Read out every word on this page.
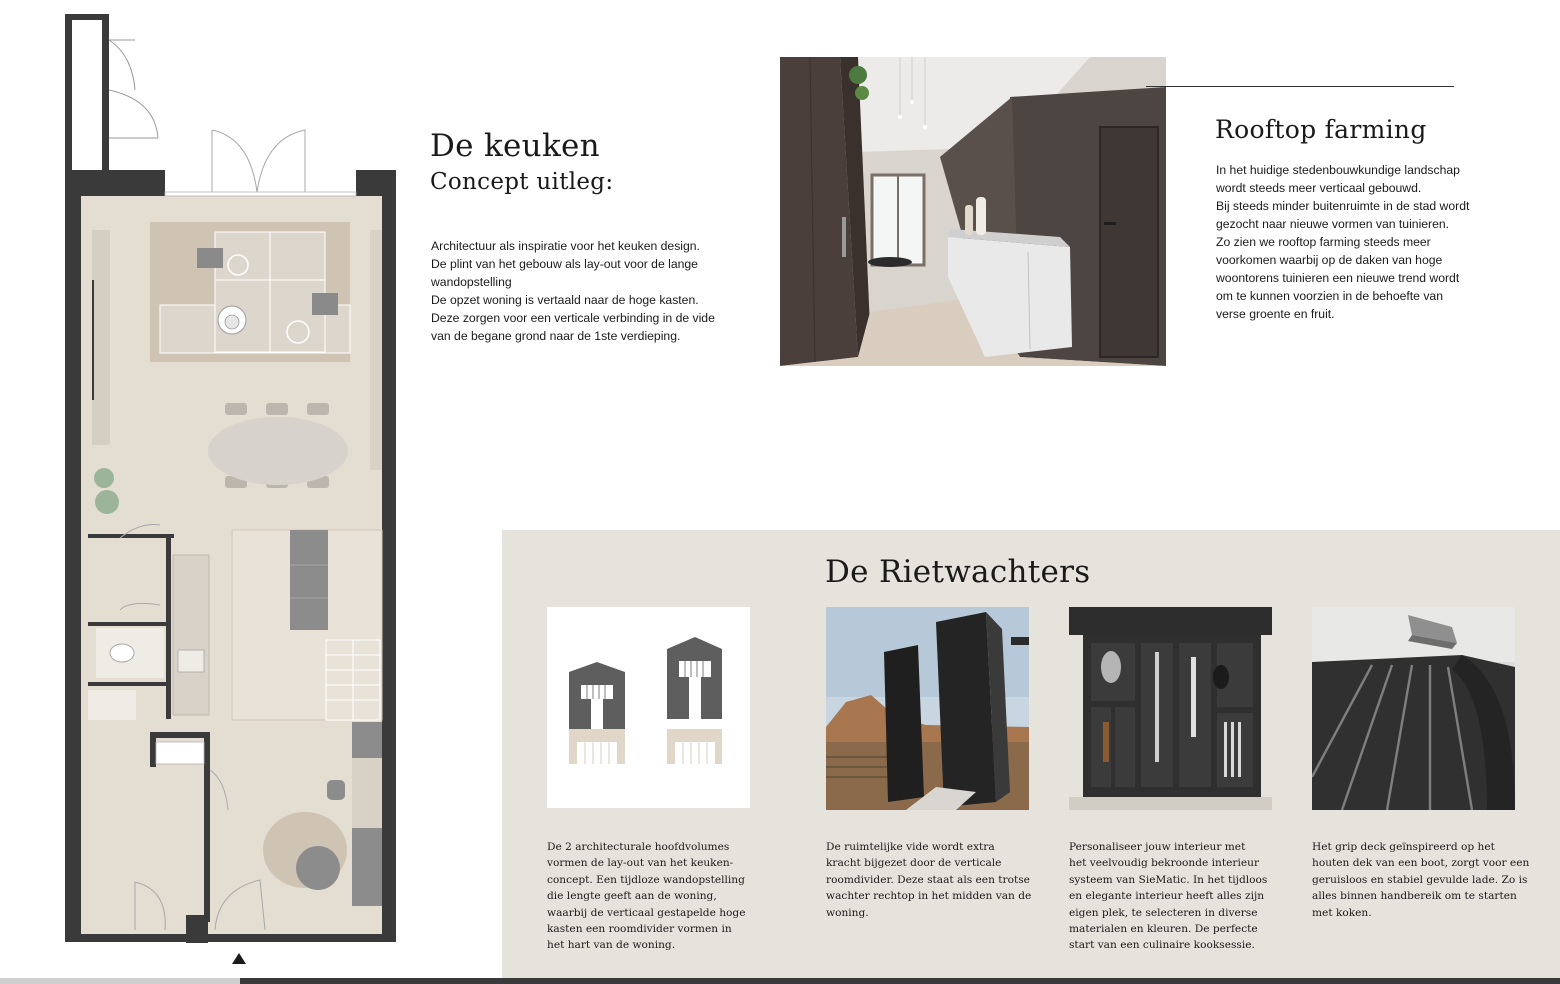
De keuken
Concept uitleg:
Architectuur als inspiratie voor het keuken design.
De plint van het gebouw als lay-out voor de lange
wandopstelling
De opzet woning is vertaald naar de hoge kasten.
Deze zorgen voor een verticale verbinding in de vide
van de begane grond naar de 1ste verdieping.
Rooftop farming
In het huidige stedenbouwkundige landschap
wordt steeds meer verticaal gebouwd.
Bij steeds minder buitenruimte in de stad wordt
gezocht naar nieuwe vormen van tuinieren.
Zo zien we rooftop farming steeds meer
voorkomen waarbij op de daken van hoge
woontorens tuinieren een nieuwe trend wordt
om te kunnen voorzien in de behoefte van
verse groente en fruit.
De Rietwachters
De 2 architecturale hoofdvolumes
vormen de lay-out van het keuken-
concept. Een tijdloze wandopstelling
die lengte geeft aan de woning,
waarbij de verticaal gestapelde hoge
kasten een roomdivider vormen in
het hart van de woning.
De ruimtelijke vide wordt extra
kracht bijgezet door de verticale
roomdivider. Deze staat als een trotse
wachter rechtop in het midden van de
woning.
Personaliseer jouw interieur met
het veelvoudig bekroonde interieur
systeem van SieMatic. In het tijdloos
en elegante interieur heeft alles zijn
eigen plek, te selecteren in diverse
materialen en kleuren. De perfecte
start van een culinaire kooksessie.
Het grip deck geïnspireerd op het
houten dek van een boot, zorgt voor een
geruisloos en stabiel gevulde lade. Zo is
alles binnen handbereik om te starten
met koken.
